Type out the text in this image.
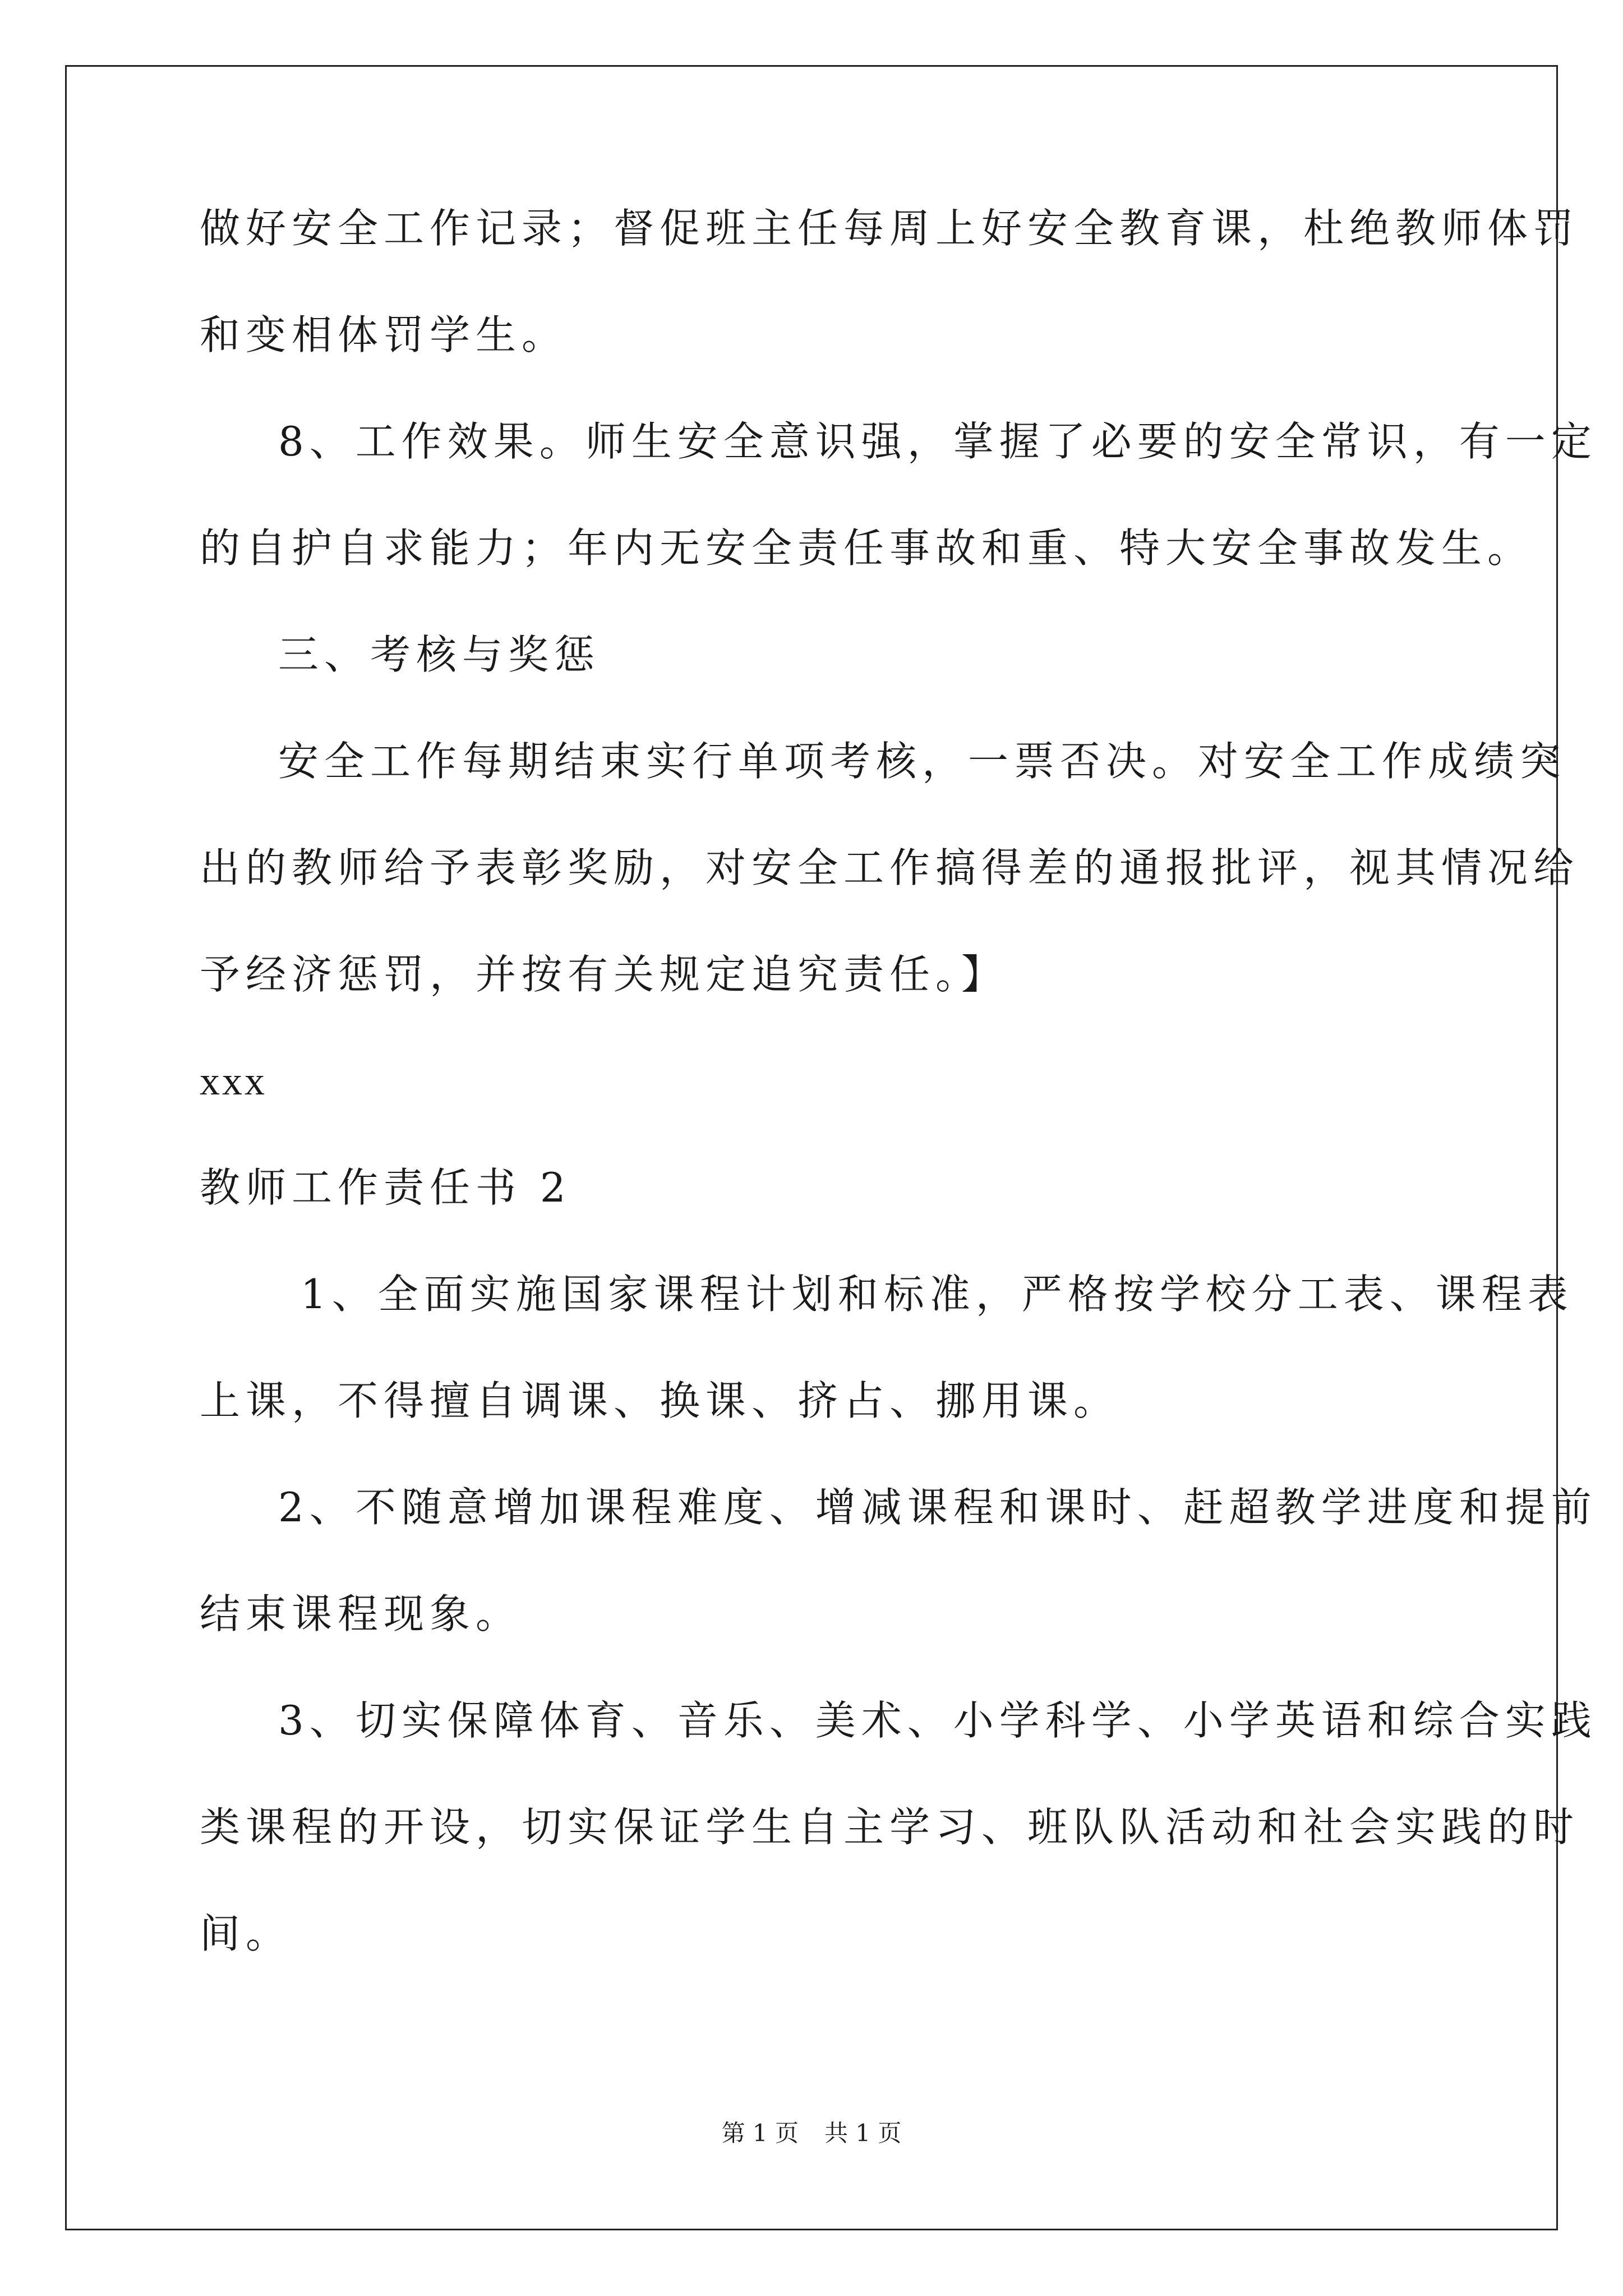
做好安全工作记录；督促班主任每周上好安全教育课，杜绝教师体罚
和变相体罚学生。
8、工作效果。师生安全意识强，掌握了必要的安全常识，有一定
的自护自求能力；年内无安全责任事故和重、特大安全事故发生。
三、考核与奖惩
安全工作每期结束实行单项考核，一票否决。对安全工作成绩突
出的教师给予表彰奖励，对安全工作搞得差的通报批评，视其情况给
予经济惩罚，并按有关规定追究责任。】
xxx
教师工作责任书 2
1、全面实施国家课程计划和标准，严格按学校分工表、课程表
上课，不得擅自调课、换课、挤占、挪用课。
2、不随意增加课程难度、增减课程和课时、赶超教学进度和提前
结束课程现象。
3、切实保障体育、音乐、美术、小学科学、小学英语和综合实践
类课程的开设，切实保证学生自主学习、班队队活动和社会实践的时
间。
第 1 页 共 1 页
